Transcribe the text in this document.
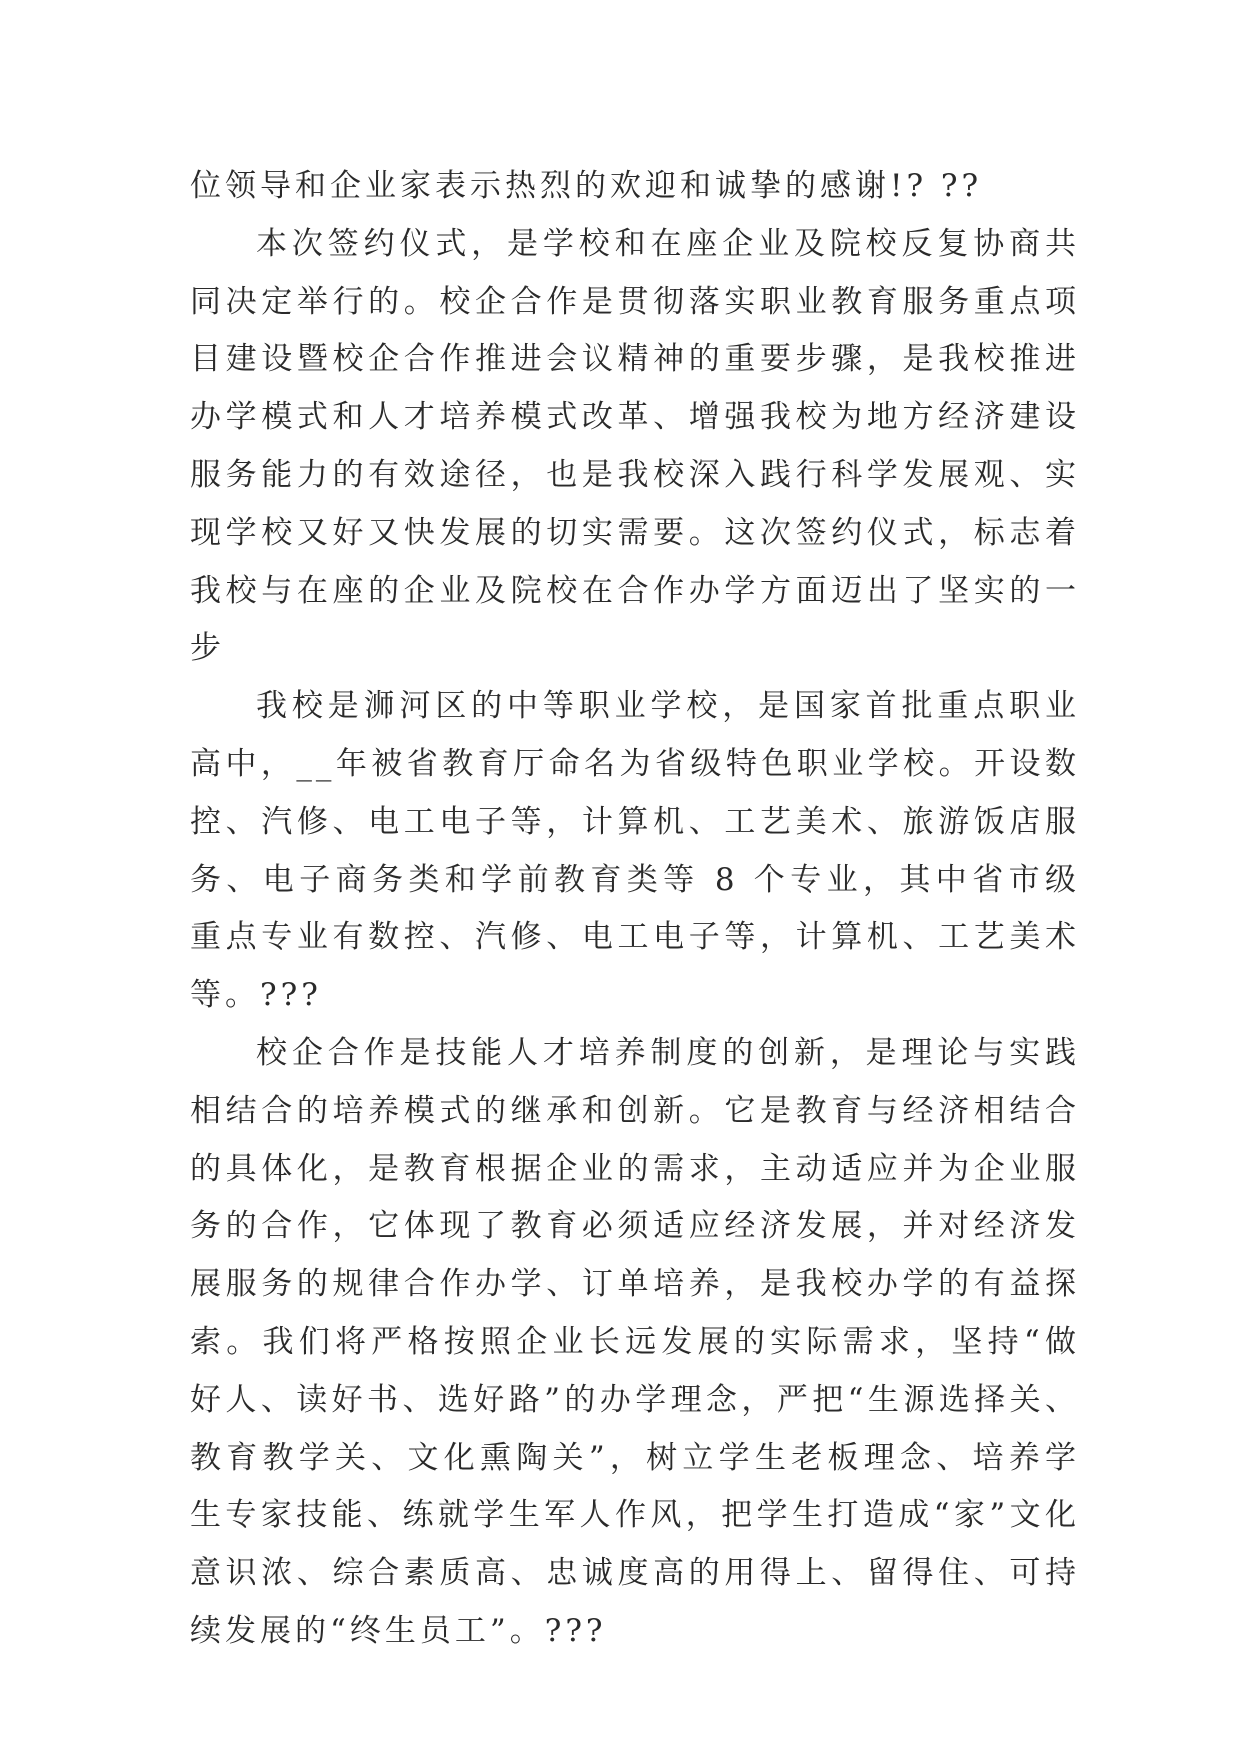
位领导和企业家表示热烈的欢迎和诚挚的感谢!? ??

本次签约仪式，是学校和在座企业及院校反复协商共同决定举行的。校企合作是贯彻落实职业教育服务重点项目建设暨校企合作推进会议精神的重要步骤，是我校推进办学模式和人才培养模式改革、增强我校为地方经济建设服务能力的有效途径，也是我校深入践行科学发展观、实现学校又好又快发展的切实需要。这次签约仪式，标志着我校与在座的企业及院校在合作办学方面迈出了坚实的一步

我校是浉河区的中等职业学校，是国家首批重点职业高中，__年被省教育厅命名为省级特色职业学校。开设数控、汽修、电工电子等，计算机、工艺美术、旅游饭店服务、电子商务类和学前教育类等 8 个专业，其中省市级重点专业有数控、汽修、电工电子等，计算机、工艺美术等。???

校企合作是技能人才培养制度的创新，是理论与实践相结合的培养模式的继承和创新。它是教育与经济相结合的具体化，是教育根据企业的需求，主动适应并为企业服务的合作，它体现了教育必须适应经济发展，并对经济发展服务的规律合作办学、订单培养，是我校办学的有益探索。我们将严格按照企业长远发展的实际需求，坚持“做好人、读好书、选好路”的办学理念，严把“生源选择关、教育教学关、文化熏陶关”，树立学生老板理念、培养学生专家技能、练就学生军人作风，把学生打造成“家”文化意识浓、综合素质高、忠诚度高的用得上、留得住、可持续发展的“终生员工”。???
